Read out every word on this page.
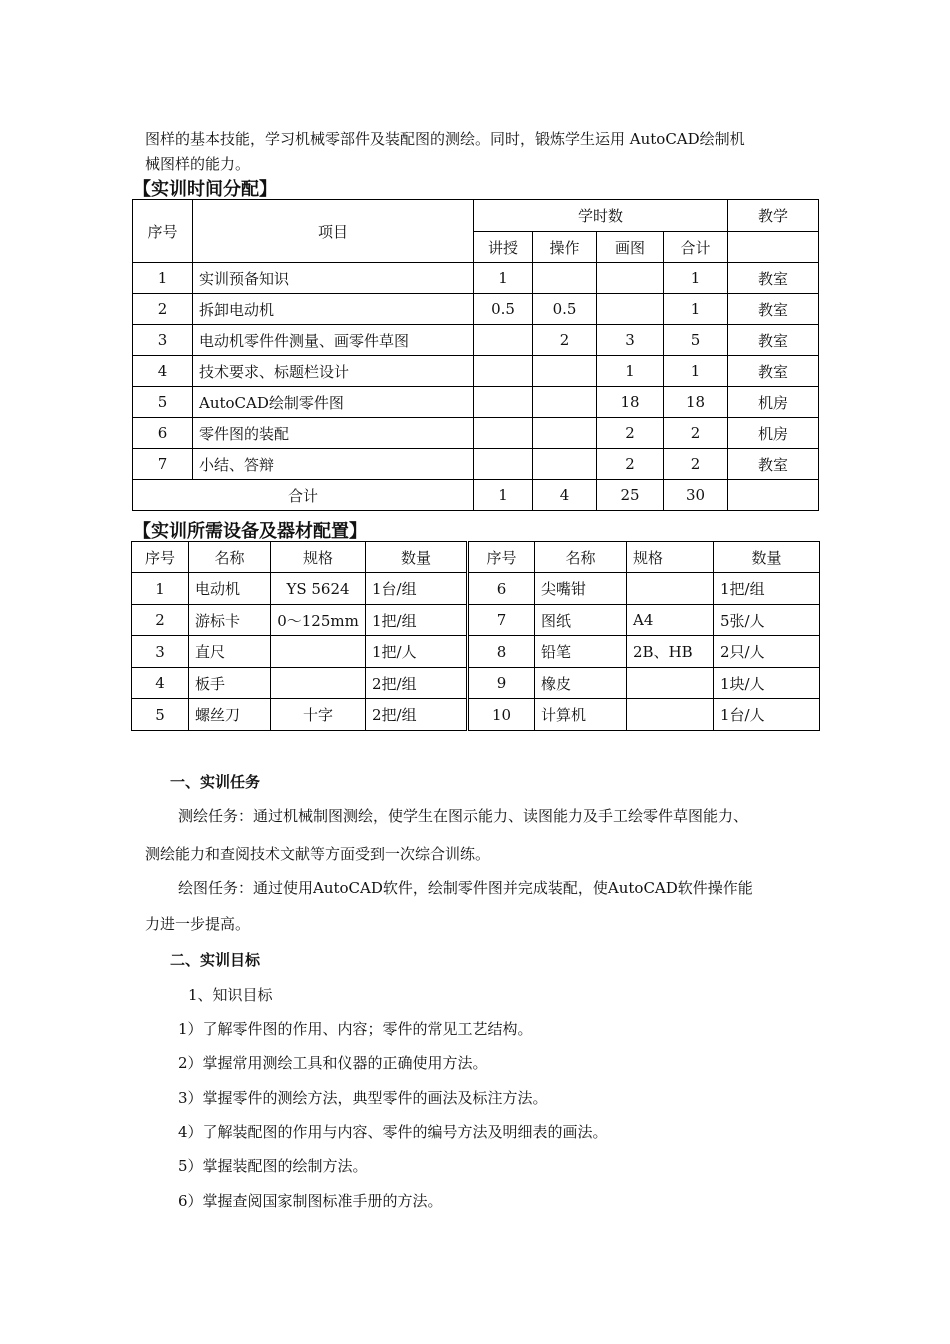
图样的基本技能，学习机械零部件及装配图的测绘。同时，锻炼学生运用 AutoCAD绘制机
械图样的能力。
【实训时间分配】
序号	项目	学时数				教学
		讲授	操作	画图	合计	
1	实训预备知识	1			1	教室
2	拆卸电动机	0.5	0.5		1	教室
3	电动机零件件测量、画零件草图		2	3	5	教室
4	技术要求、标题栏设计			1	1	教室
5	AutoCAD绘制零件图			18	18	机房
6	零件图的装配			2	2	机房
7	小结、答辩			2	2	教室
合计		1	4	25	30	
【实训所需设备及器材配置】
序号	名称	规格	数量	序号	名称	规格	数量
1	电动机	YS 5624	1台/组	6	尖嘴钳		1把/组
2	游标卡	0～125mm	1把/组	7	图纸	A4	5张/人
3	直尺		1把/人	8	铅笔	2B、HB	2只/人
4	板手		2把/组	9	橡皮		1块/人
5	螺丝刀	十字	2把/组	10	计算机		1台/人
一、实训任务
测绘任务：通过机械制图测绘，使学生在图示能力、读图能力及手工绘零件草图能力、
测绘能力和查阅技术文献等方面受到一次综合训练。
绘图任务：通过使用AutoCAD软件，绘制零件图并完成装配，使AutoCAD软件操作能
力进一步提高。
二、实训目标
1、知识目标
1）了解零件图的作用、内容；零件的常见工艺结构。
2）掌握常用测绘工具和仪器的正确使用方法。
3）掌握零件的测绘方法，典型零件的画法及标注方法。
4）了解装配图的作用与内容、零件的编号方法及明细表的画法。
5）掌握装配图的绘制方法。
6）掌握查阅国家制图标准手册的方法。
